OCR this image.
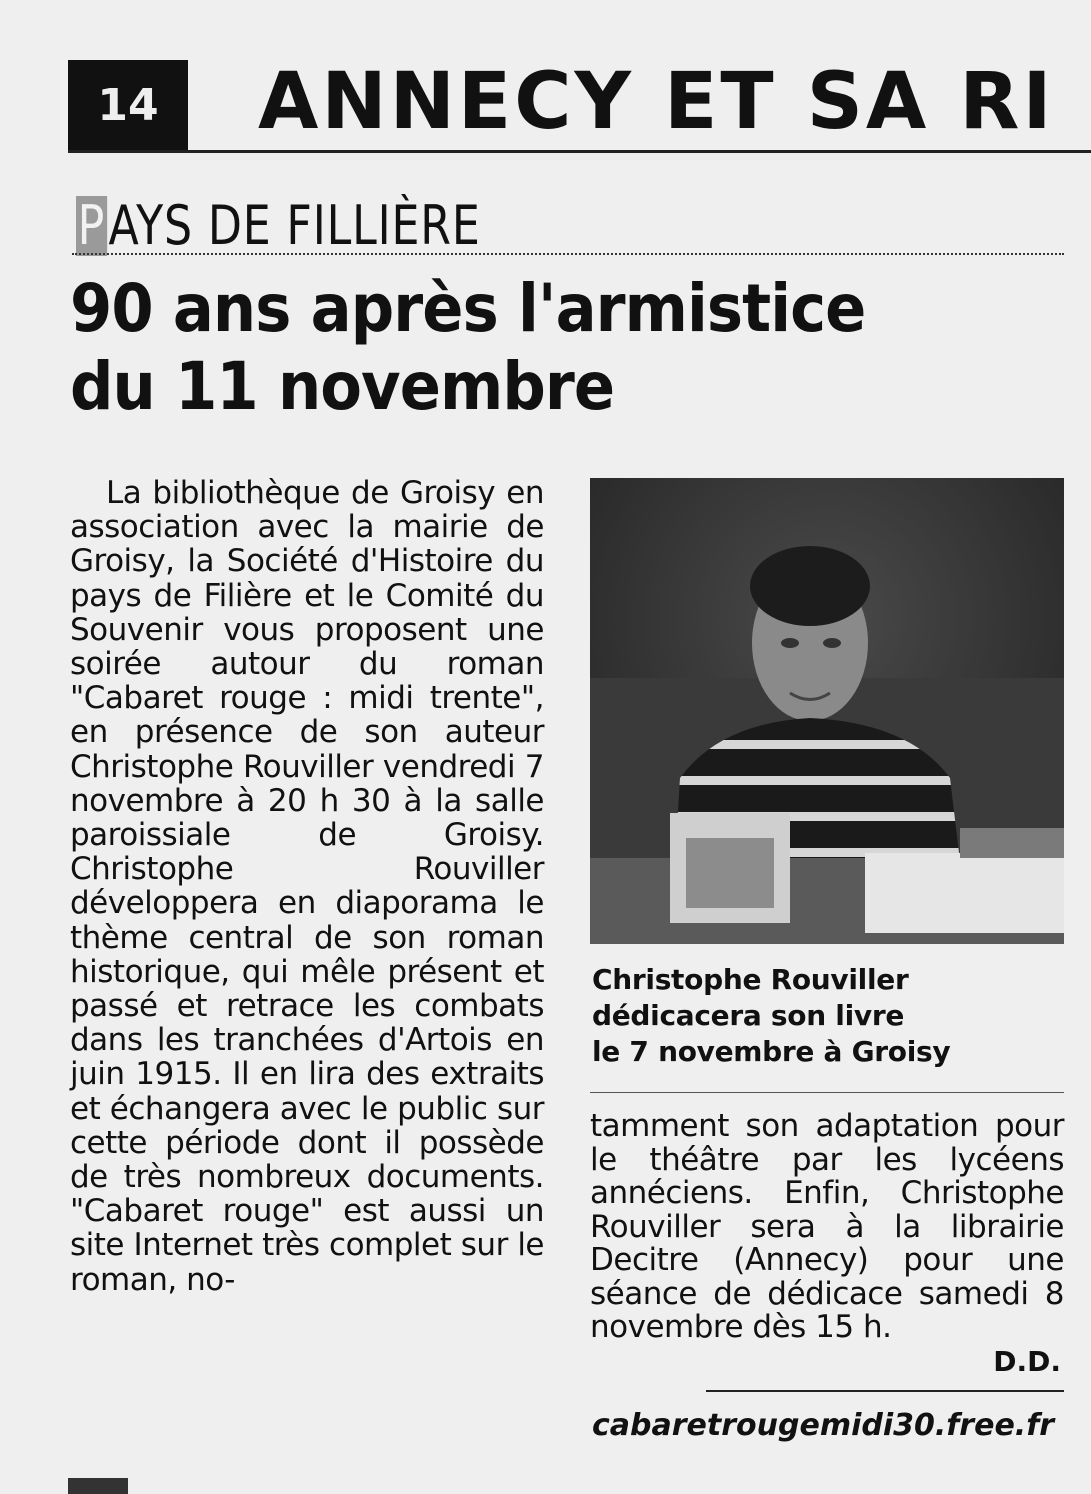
14	ANNECY ET SA RI
PAYS DE FILLIÈRE
90 ans après l'armistice
du 11 novembre
La bibliothèque de Groisy en association avec la mairie de Groisy, la Société d'Histoire du pays de Filière et le Comité du Souvenir vous proposent une soirée autour du roman "Cabaret rouge : midi trente", en présence de son auteur Christophe Rouviller vendredi 7 novembre à 20 h 30 à la salle paroissiale de Groisy. Christophe Rouviller développera en diaporama le thème central de son roman historique, qui mêle présent et passé et retrace les combats dans les tranchées d'Artois en juin 1915. Il en lira des extraits et échangera avec le public sur cette période dont il possède de très nombreux documents. "Cabaret rouge" est aussi un site Internet très complet sur le roman, no-
Christophe Rouviller
dédicacera son livre
le 7 novembre à Groisy
tamment son adaptation pour le théâtre par les lycéens annéciens. Enfin, Christophe Rouviller sera à la librairie Decitre (Annecy) pour une séance de dédicace samedi 8 novembre dès 15 h.
D.D.
cabaretrougemidi30.free.fr
